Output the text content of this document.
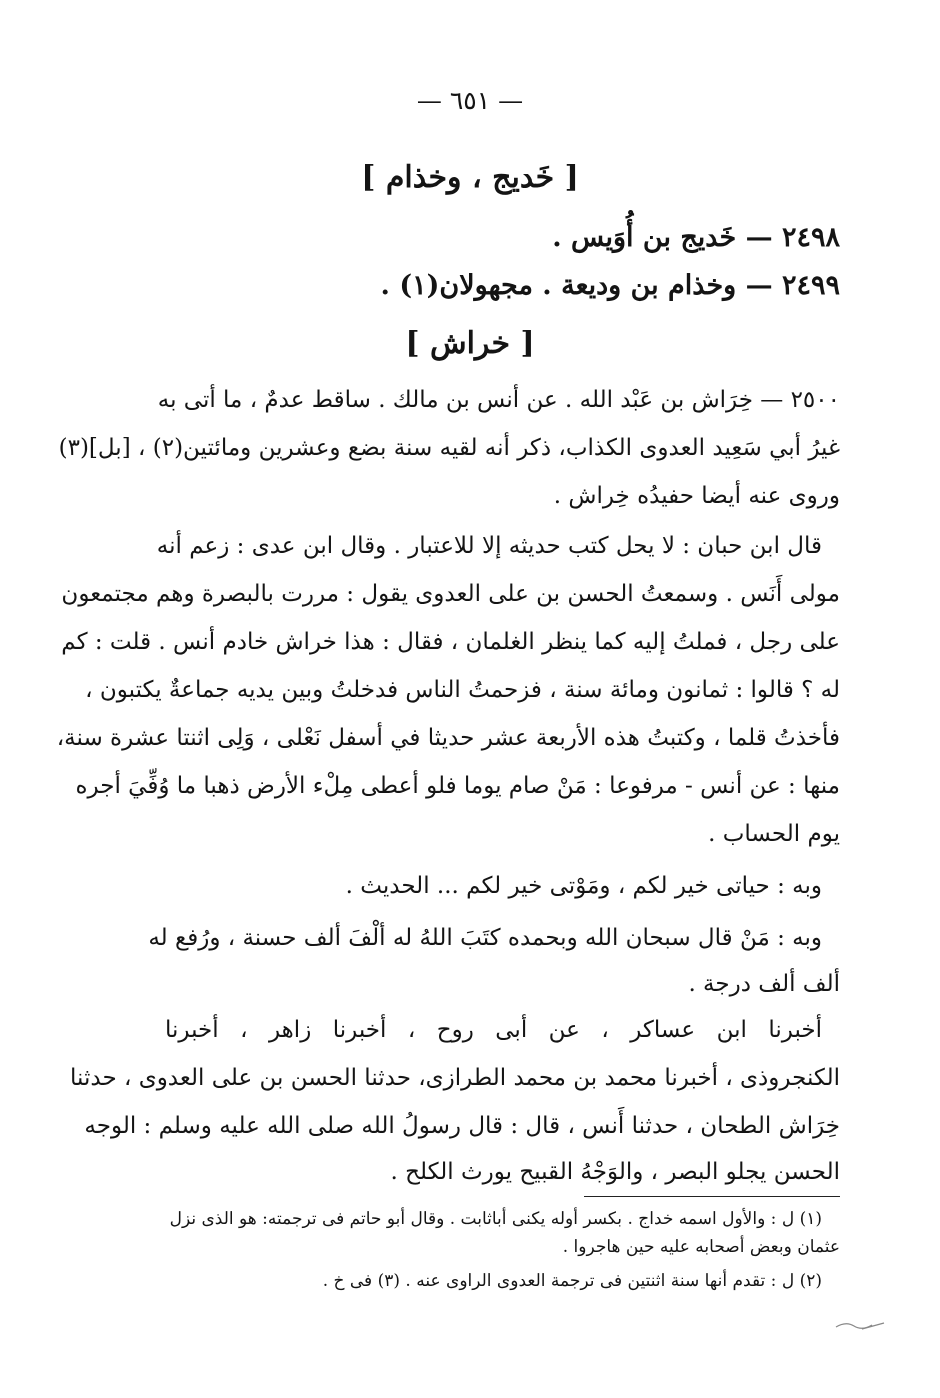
— ٦٥١ —
[ خَديج ، وخذام ]
٢٤٩٨ — خَديج بن أُوَيس .
٢٤٩٩ — وخذام بن وديعة . مجهولان(١) .
[ خراش ]
٢٥٠٠ — خِرَاش بن عَبْد الله . عن أنس بن مالك . ساقط عدمٌ ، ما أتى به
غيرُ أبي سَعِيد العدوى الكذاب، ذكر أنه لقيه سنة بضع وعشرين ومائتين(٢) ، [بل](٣)
وروى عنه أيضا حفيدُه خِراش .
قال ابن حبان : لا يحل كتب حديثه إلا للاعتبار . وقال ابن عدى : زعم أنه
مولى أَنَس . وسمعتُ الحسن بن على العدوى يقول : مررت بالبصرة وهم مجتمعون
على رجل ، فملتُ إليه كما ينظر الغلمان ، فقال : هذا خراش خادم أنس . قلت : كم
له ؟ قالوا : ثمانون ومائة سنة ، فزحمتُ الناس فدخلتُ وبين يديه جماعةٌ يكتبون ،
فأخذتُ قلما ، وكتبتُ هذه الأربعة عشر حديثا في أسفل نَعْلى ، وَلِى اثنتا عشرة سنة،
منها : عن أنس - مرفوعا : مَنْ صام يوما فلو أعطى مِلْء الأرض ذهبا ما وُفِّيَ أجره
يوم الحساب .
وبه : حياتى خير لكم ، ومَوْتى خير لكم ... الحديث .
وبه : مَنْ قال سبحان الله وبحمده كتَبَ اللهُ له ألْفَ ألف حسنة ، ورُفع له
ألف ألف درجة .
أخبرنا ابن عساكر ، عن أبى روح ، أخبرنا زاهر ، أخبرنا
الكنجروذى ، أخبرنا محمد بن محمد الطرازى، حدثنا الحسن بن على العدوى ، حدثنا
خِرَاش الطحان ، حدثنا أَنس ، قال : قال رسولُ الله صلى الله عليه وسلم : الوجه
الحسن يجلو البصر ، والوَجْهُ القبيح يورث الكلح .
(١) ل : والأول اسمه خداج . بكسر أوله يكنى أباثابت . وقال أبو حاتم فى ترجمته: هو الذى نزل
عثمان وبعض أصحابه عليه حين هاجروا .
(٢) ل : تقدم أنها سنة اثنتين فى ترجمة العدوى الراوى عنه . (٣) فى خ .
